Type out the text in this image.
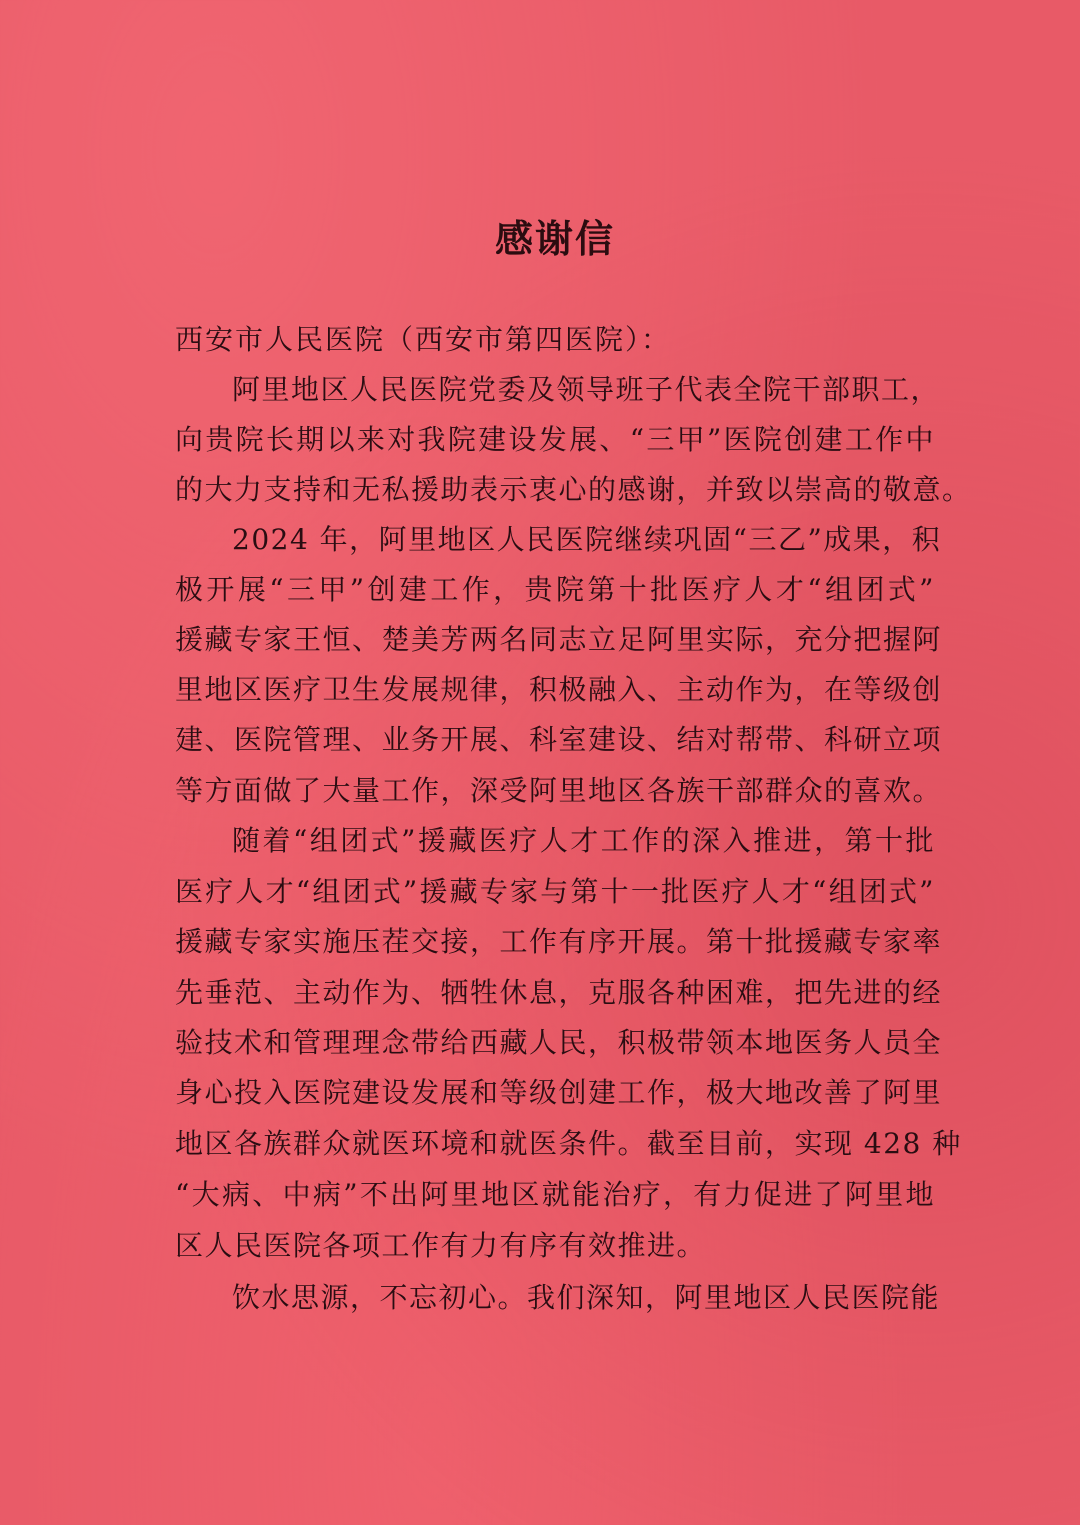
感谢信
西安市人民医院（西安市第四医院）：
阿里地区人民医院党委及领导班子代表全院干部职工，
向贵院长期以来对我院建设发展、“三甲”医院创建工作中
的大力支持和无私援助表示衷心的感谢，并致以崇高的敬意。
2024 年，阿里地区人民医院继续巩固“三乙”成果，积
极开展“三甲”创建工作，贵院第十批医疗人才“组团式”
援藏专家王恒、楚美芳两名同志立足阿里实际，充分把握阿
里地区医疗卫生发展规律，积极融入、主动作为，在等级创
建、医院管理、业务开展、科室建设、结对帮带、科研立项
等方面做了大量工作，深受阿里地区各族干部群众的喜欢。
随着“组团式”援藏医疗人才工作的深入推进，第十批
医疗人才“组团式”援藏专家与第十一批医疗人才“组团式”
援藏专家实施压茬交接，工作有序开展。第十批援藏专家率
先垂范、主动作为、牺牲休息，克服各种困难，把先进的经
验技术和管理理念带给西藏人民，积极带领本地医务人员全
身心投入医院建设发展和等级创建工作，极大地改善了阿里
地区各族群众就医环境和就医条件。截至目前，实现 428 种
“大病、中病”不出阿里地区就能治疗，有力促进了阿里地
区人民医院各项工作有力有序有效推进。
饮水思源，不忘初心。我们深知，阿里地区人民医院能
